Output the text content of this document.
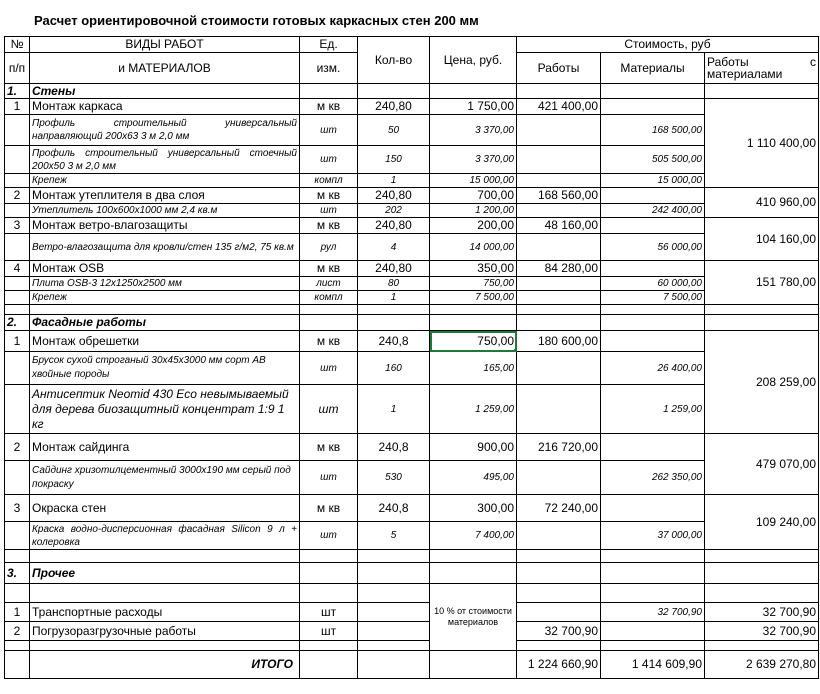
Расчет ориентировочной стоимости готовых каркасных стен 200 мм
№	ВИДЫ РАБОТ	Ед.	Кол-во	Цена, руб.	Стоимость, руб		
п/п	и МАТЕРИАЛОВ	изм.			Работы	Материалы	Работы с
материалами

1.	Стены						
1	Монтаж каркаса	м кв	240,80	1 750,00	421 400,00		1 110 400,00
	Профиль строительный универсальный направляющий 200x63 3 м 2,0 мм	шт	50	3 370,00		168 500,00	
	Профиль строительный универсальный стоечный 200x50 3 м 2,0 мм	шт	150	3 370,00		505 500,00	
	Крепеж	компл	1	15 000,00		15 000,00	
2	Монтаж утеплителя в два слоя	м кв	240,80	700,00	168 560,00		410 960,00
	Утеплитель 100x600x1000 мм 2,4 кв.м	шт	202	1 200,00		242 400,00	
3	Монтаж ветро-влагозащиты	м кв	240,80	200,00	48 160,00		104 160,00
	Ветро-влагозащита для кровли/стен 135 г/м2, 75 кв.м	рул	4	14 000,00		56 000,00	
4	Монтаж OSB	м кв	240,80	350,00	84 280,00		151 780,00
	Плита OSB-3 12x1250x2500 мм	лист	80	750,00		60 000,00	
	Крепеж	компл	1	7 500,00		7 500,00	

2.	Фасадные работы						
1	Монтаж обрешетки	м кв	240,8	750,00	180 600,00		208 259,00
	Брусок сухой строганый 30x45x3000 мм сорт АВ хвойные породы	шт	160	165,00		26 400,00	
	Антисептик Neomid 430 Eco невымываемый для дерева биозащитный концентрат 1:9 1 кг	шт	1	1 259,00		1 259,00	
2	Монтаж сайдинга	м кв	240,8	900,00	216 720,00		479 070,00
	Сайдинг хризотилцементный 3000x190 мм серый под покраску	шт	530	495,00		262 350,00	
3	Окраска стен	м кв	240,8	300,00	72 240,00		109 240,00
	Краска водно-дисперсионная фасадная Silicon 9 л + колеровка	шт	5	7 400,00		37 000,00	

3.	Прочее						
				10 % от стоимости материалов			
1	Транспортные расходы	шт				32 700,90	32 700,90
2	Погрузоразгрузочные работы	шт			32 700,90		32 700,90

	ИТОГО				1 224 660,90	1 414 609,90	2 639 270,80
